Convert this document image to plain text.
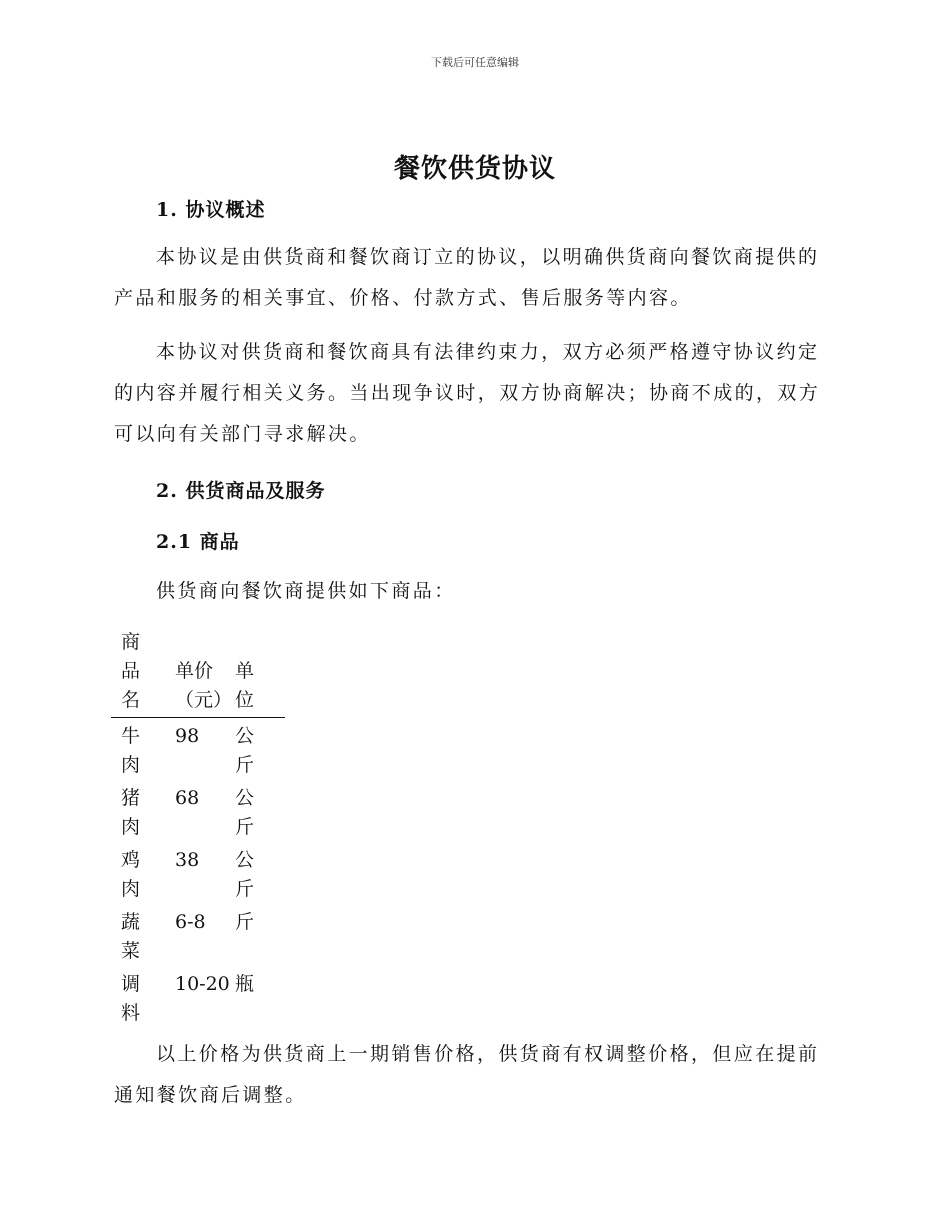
下载后可任意编辑
餐饮供货协议
1. 协议概述

本协议是由供货商和餐饮商订立的协议，以明确供货商向餐饮商提供的产品和服务的相关事宜、价格、付款方式、售后服务等内容。

本协议对供货商和餐饮商具有法律约束力，双方必须严格遵守协议约定的内容并履行相关义务。当出现争议时，双方协商解决；协商不成的，双方可以向有关部门寻求解决。

2. 供货商品及服务
2.1 商品
供货商向餐饮商提供如下商品：
商品名	单价（元）	单位
牛肉	98	公斤
猪肉	68	公斤
鸡肉	38	公斤
蔬菜	6-8	斤
调料	10-20	瓶

以上价格为供货商上一期销售价格，供货商有权调整价格，但应在提前通知餐饮商后调整。
